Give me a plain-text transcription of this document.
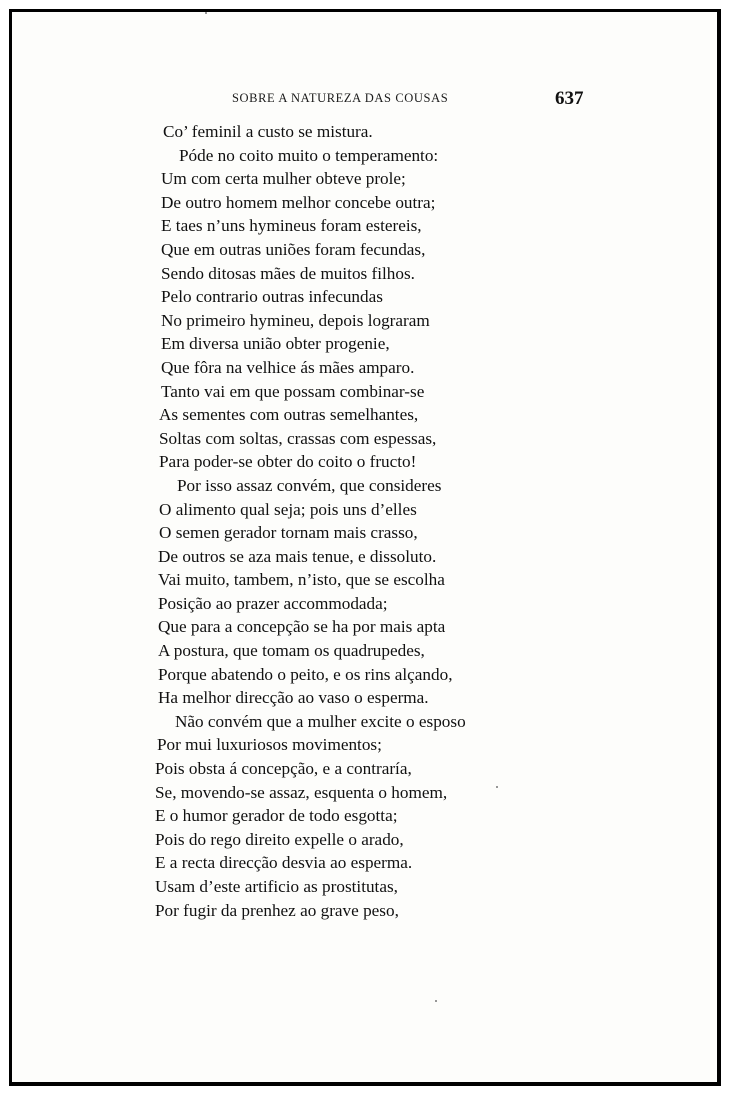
SOBRE A NATUREZA DAS COUSAS	637
Co’ feminil a custo se mistura.
Póde no coito muito o temperamento:
Um com certa mulher obteve prole;
De outro homem melhor concebe outra;
E taes n’uns hymineus foram estereis,
Que em outras uniões foram fecundas,
Sendo ditosas mães de muitos filhos.
Pelo contrario outras infecundas
No primeiro hymineu, depois lograram
Em diversa união obter progenie,
Que fôra na velhice ás mães amparo.
Tanto vai em que possam combinar-se
As sementes com outras semelhantes,
Soltas com soltas, crassas com espessas,
Para poder-se obter do coito o fructo!
Por isso assaz convém, que consideres
O alimento qual seja; pois uns d’elles
O semen gerador tornam mais crasso,
De outros se aza mais tenue, e dissoluto.
Vai muito, tambem, n’isto, que se escolha
Posição ao prazer accommodada;
Que para a concepção se ha por mais apta
A postura, que tomam os quadrupedes,
Porque abatendo o peito, e os rins alçando,
Ha melhor direcção ao vaso o esperma.
Não convém que a mulher excite o esposo
Por mui luxuriosos movimentos;
Pois obsta á concepção, e a contraría,
Se, movendo-se assaz, esquenta o homem,
E o humor gerador de todo esgotta;
Pois do rego direito expelle o arado,
E a recta direcção desvia ao esperma.
Usam d’este artificio as prostitutas,
Por fugir da prenhez ao grave peso,
